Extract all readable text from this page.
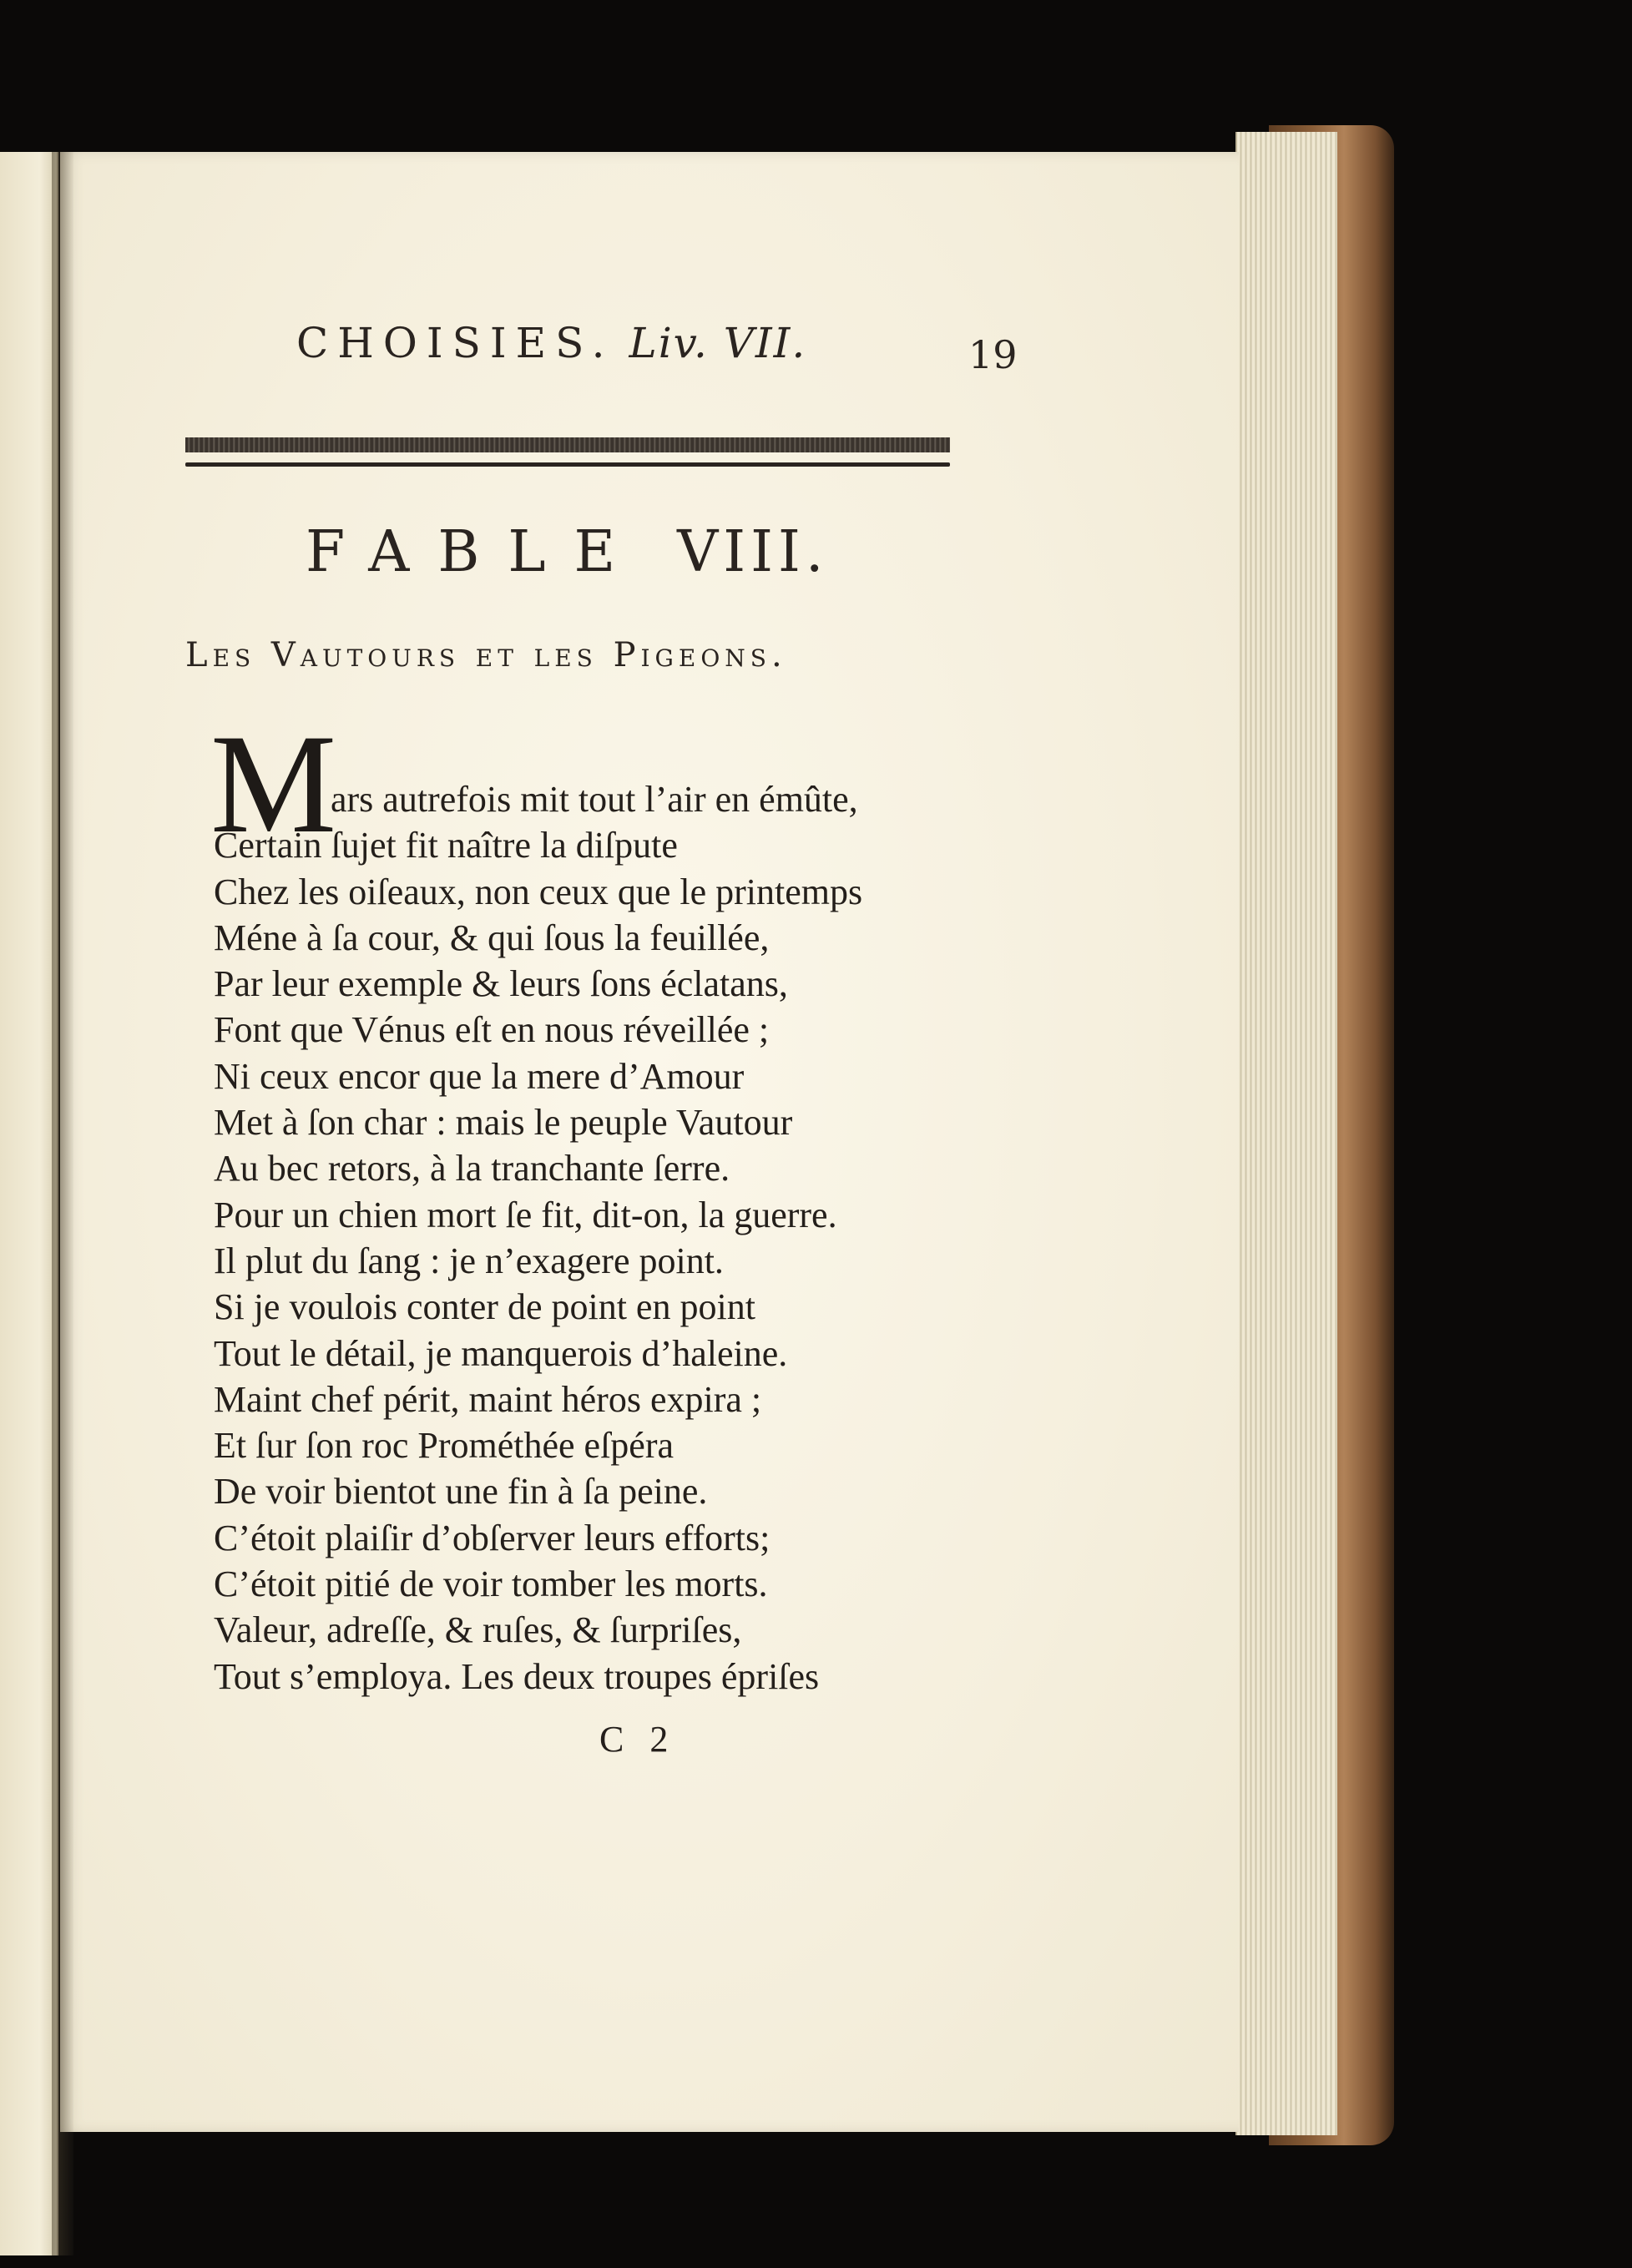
CHOISIES. Liv. VII.	19
FABLE VIII.
Les Vautours et les Pigeons.
M
ars autrefois mit tout l’air en émûte,
Certain ſujet fit naître la diſpute
Chez les oiſeaux, non ceux que le printemps
Méne à ſa cour, & qui ſous la feuillée,
Par leur exemple & leurs ſons éclatans,
Font que Vénus eſt en nous réveillée ;
Ni ceux encor que la mere d’Amour
Met à ſon char : mais le peuple Vautour
Au bec retors, à la tranchante ſerre.
Pour un chien mort ſe fit, dit-on, la guerre.
Il plut du ſang : je n’exagere point.
Si je voulois conter de point en point
Tout le détail, je manquerois d’haleine.
Maint chef périt, maint héros expira ;
Et ſur ſon roc Prométhée eſpéra
De voir bientot une fin à ſa peine.
C’étoit plaiſir d’obſerver leurs efforts;
C’étoit pitié de voir tomber les morts.
Valeur, adreſſe, & ruſes, & ſurpriſes,
Tout s’employa. Les deux troupes épriſes
C 2
